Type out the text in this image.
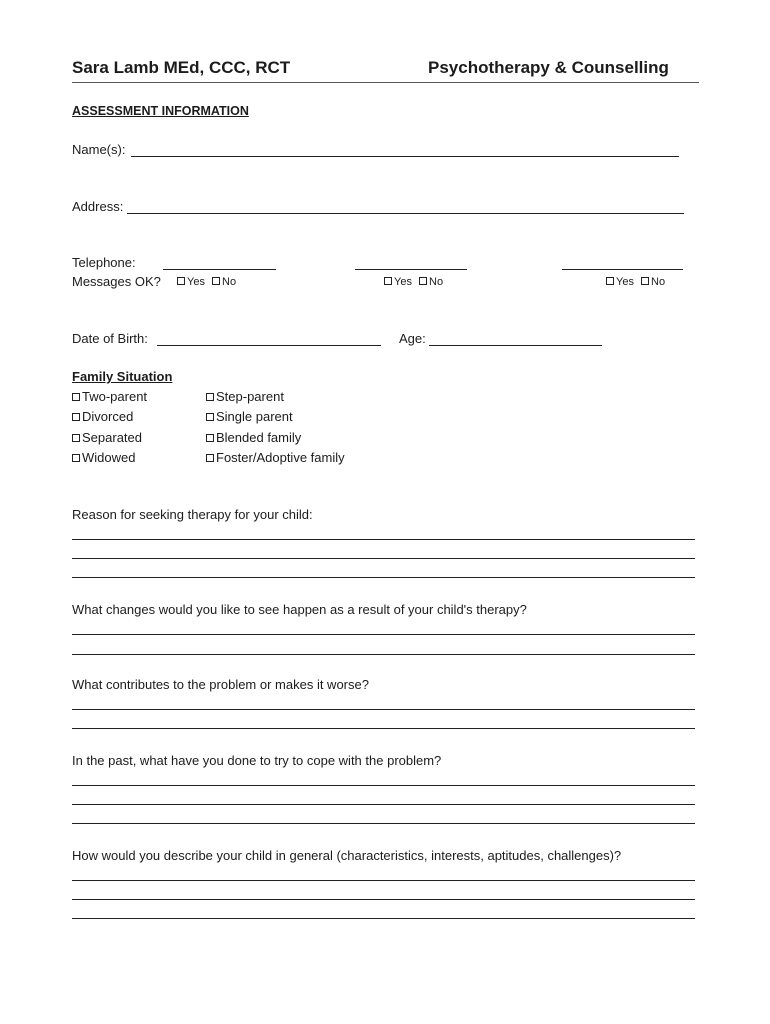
Sara Lamb MEd, CCC, RCT	Psychotherapy & Counselling
ASSESSMENT INFORMATION
Name(s):
Address:
Telephone:
Messages OK?	Yes No	Yes No	Yes No
Date of Birth:	Age:
Family Situation
Two-parent
Divorced
Separated
Widowed
Step-parent
Single parent
Blended family
Foster/Adoptive family
Reason for seeking therapy for your child:
What changes would you like to see happen as a result of your child's therapy?
What contributes to the problem or makes it worse?
In the past, what have you done to try to cope with the problem?
How would you describe your child in general (characteristics, interests, aptitudes, challenges)?
